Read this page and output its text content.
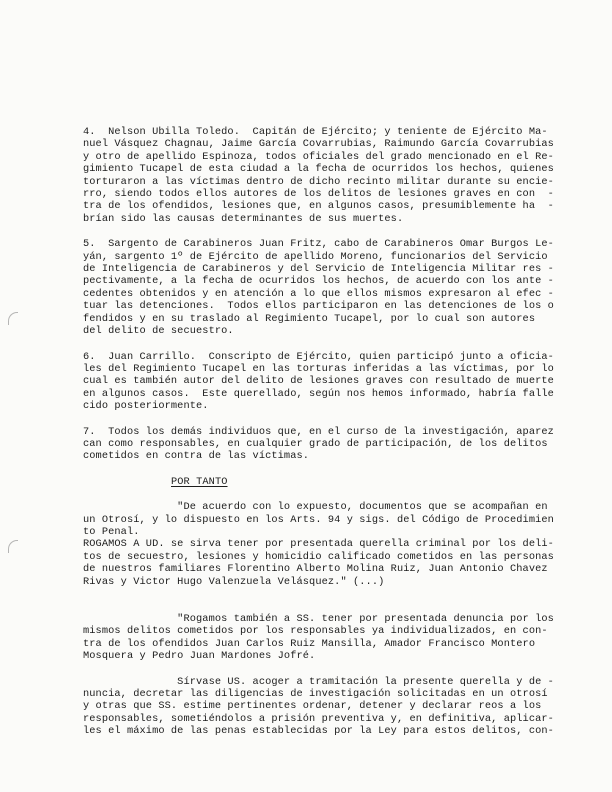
4.  Nelson Ubilla Toledo.  Capitán de Ejército; y teniente de Ejército Ma-
nuel Vásquez Chagnau, Jaime García Covarrubias, Raimundo García Covarrubias
y otro de apellido Espinoza, todos oficiales del grado mencionado en el Re-
gimiento Tucapel de esta ciudad a la fecha de ocurridos los hechos, quienes
torturaron a las víctimas dentro de dicho recinto militar durante su encie-
rro, siendo todos ellos autores de los delitos de lesiones graves en con  -
tra de los ofendidos, lesiones que, en algunos casos, presumiblemente ha  -
brían sido las causas determinantes de sus muertes.
5.  Sargento de Carabineros Juan Fritz, cabo de Carabineros Omar Burgos Le-
yán, sargento 1º de Ejército de apellido Moreno, funcionarios del Servicio
de Inteligencia de Carabineros y del Servicio de Inteligencia Militar res -
pectivamente, a la fecha de ocurridos los hechos, de acuerdo con los ante -
cedentes obtenidos y en atención a lo que ellos mismos expresaron al efec -
tuar las detenciones.  Todos ellos participaron en las detenciones de los o
fendidos y en su traslado al Regimiento Tucapel, por lo cual son autores
del delito de secuestro.
6.  Juan Carrillo.  Conscripto de Ejército, quien participó junto a oficia-
les del Regimiento Tucapel en las torturas inferidas a las víctimas, por lo
cual es también autor del delito de lesiones graves con resultado de muerte
en algunos casos.  Este querellado, según nos hemos informado, habría falle
cido posteriormente.
7.  Todos los demás individuos que, en el curso de la investigación, aparez
can como responsables, en cualquier grado de participación, de los delitos
cometidos en contra de las víctimas.
POR TANTO
"De acuerdo con lo expuesto, documentos que se acompañan en
un Otrosí, y lo dispuesto en los Arts. 94 y sigs. del Código de Procedimien
to Penal.
ROGAMOS A UD. se sirva tener por presentada querella criminal por los deli-
tos de secuestro, lesiones y homicidio calificado cometidos en las personas
de nuestros familiares Florentino Alberto Molina Ruiz, Juan Antonio Chavez
Rivas y Victor Hugo Valenzuela Velásquez." (...)
"Rogamos también a SS. tener por presentada denuncia por los
mismos delitos cometidos por los responsables ya individualizados, en con-
tra de los ofendidos Juan Carlos Ruiz Mansilla, Amador Francisco Montero
Mosquera y Pedro Juan Mardones Jofré.
Sírvase US. acoger a tramitación la presente querella y de -
nuncia, decretar las diligencias de investigación solicitadas en un otrosí
y otras que SS. estime pertinentes ordenar, detener y declarar reos a los
responsables, sometiéndolos a prisión preventiva y, en definitiva, aplicar-
les el máximo de las penas establecidas por la Ley para estos delitos, con-
